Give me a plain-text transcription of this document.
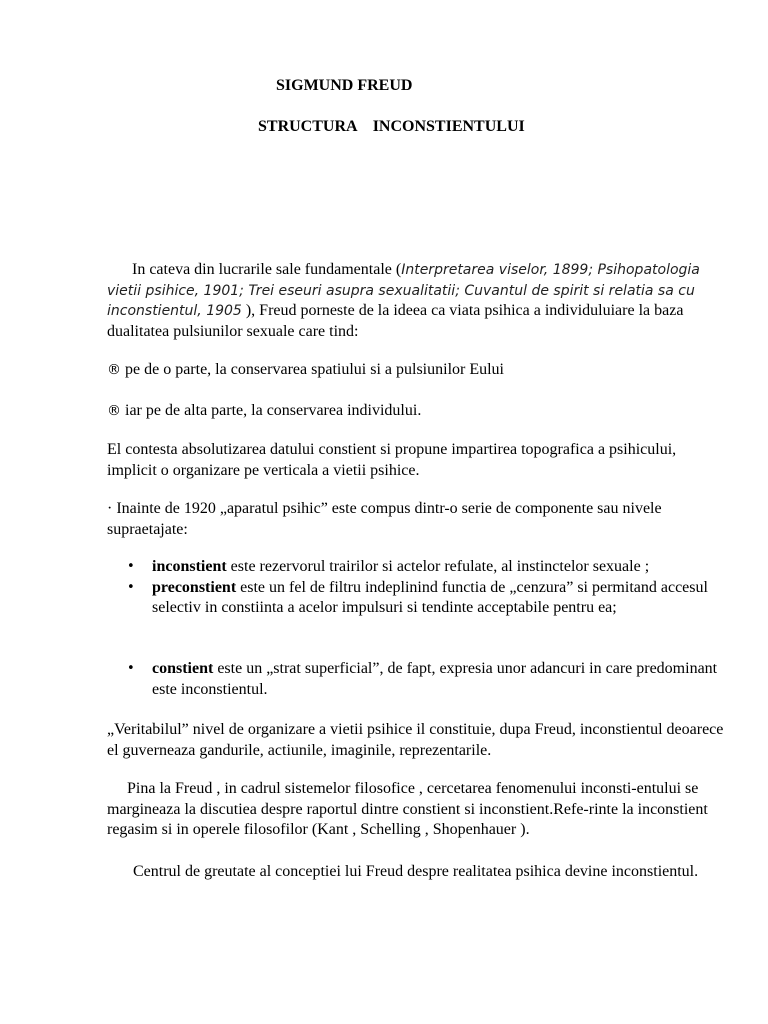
SIGMUND FREUD
STRUCTURA    INCONSTIENTULUI

In cateva din lucrarile sale fundamentale (Interpretarea viselor, 1899; Psihopatologia vietii psihice, 1901; Trei eseuri asupra sexualitatii; Cuvantul de spirit si relatia sa cu inconstientul, 1905 ), Freud porneste de la ideea ca viata psihica a individuluiare la baza dualitatea pulsiunilor sexuale care tind:

® pe de o parte, la conservarea spatiului si a pulsiunilor Eului

® iar pe de alta parte, la conservarea individului.

El contesta absolutizarea datului constient si propune impartirea topografica a psihicului, implicit o organizare pe verticala a vietii psihice.

· Inainte de 1920 „aparatul psihic” este compus dintr-o serie de componente sau nivele supraetajate:

• inconstient este rezervorul trairilor si actelor refulate, al instinctelor sexuale ;
• preconstient este un fel de filtru indeplinind functia de „cenzura” si permitand accesul selectiv in constiinta a acelor impulsuri si tendinte acceptabile pentru ea;
• constient este un „strat superficial”, de fapt, expresia unor adancuri in care predominant este inconstientul.

„Veritabilul” nivel de organizare a vietii psihice il constituie, dupa Freud, inconstientul deoarece el guverneaza gandurile, actiunile, imaginile, reprezentarile.

Pina la Freud , in cadrul sistemelor filosofice , cercetarea fenomenului inconsti-entului se margineaza la discutiea despre raportul dintre constient si inconstient.Refe-rinte la inconstient regasim si in operele filosofilor (Kant , Schelling , Shopenhauer ).

Centrul de greutate al conceptiei lui Freud despre realitatea psihica devine inconstientul.
